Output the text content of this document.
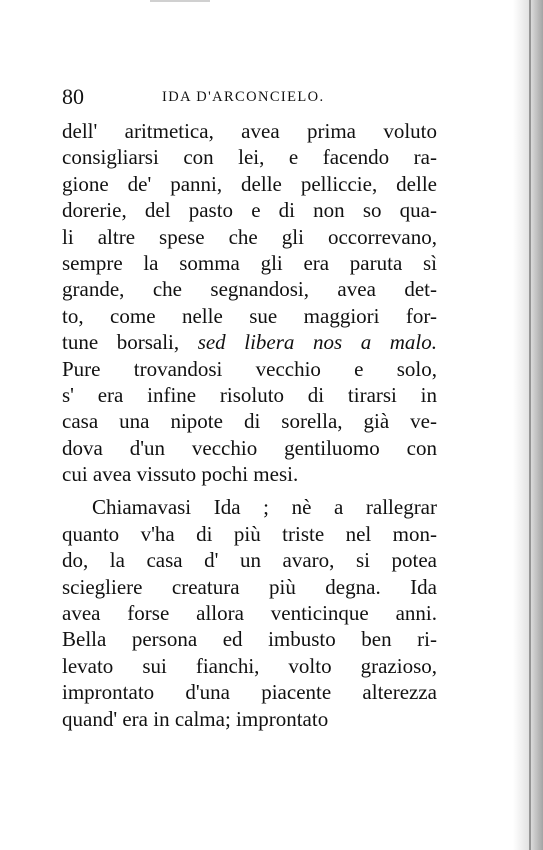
80	IDA D'ARCONCIELO.
dell' aritmetica, avea prima voluto
consigliarsi con lei, e facendo ra-
gione de' panni, delle pelliccie, delle
dorerie, del pasto e di non so qua-
li altre spese che gli occorrevano,
sempre la somma gli era paruta sì
grande, che segnandosi, avea det-
to, come nelle sue maggiori for-
tune borsali, sed libera nos a malo.
Pure trovandosi vecchio e solo,
s' era infine risoluto di tirarsi in
casa una nipote di sorella, già ve-
dova d'un vecchio gentiluomo con
cui avea vissuto pochi mesi.
Chiamavasi Ida ; nè a rallegrar
quanto v'ha di più triste nel mon-
do, la casa d' un avaro, si potea
sciegliere creatura più degna. Ida
avea forse allora venticinque anni.
Bella persona ed imbusto ben ri-
levato sui fianchi, volto grazioso,
improntato d'una piacente alterezza
quand' era in calma; improntato
